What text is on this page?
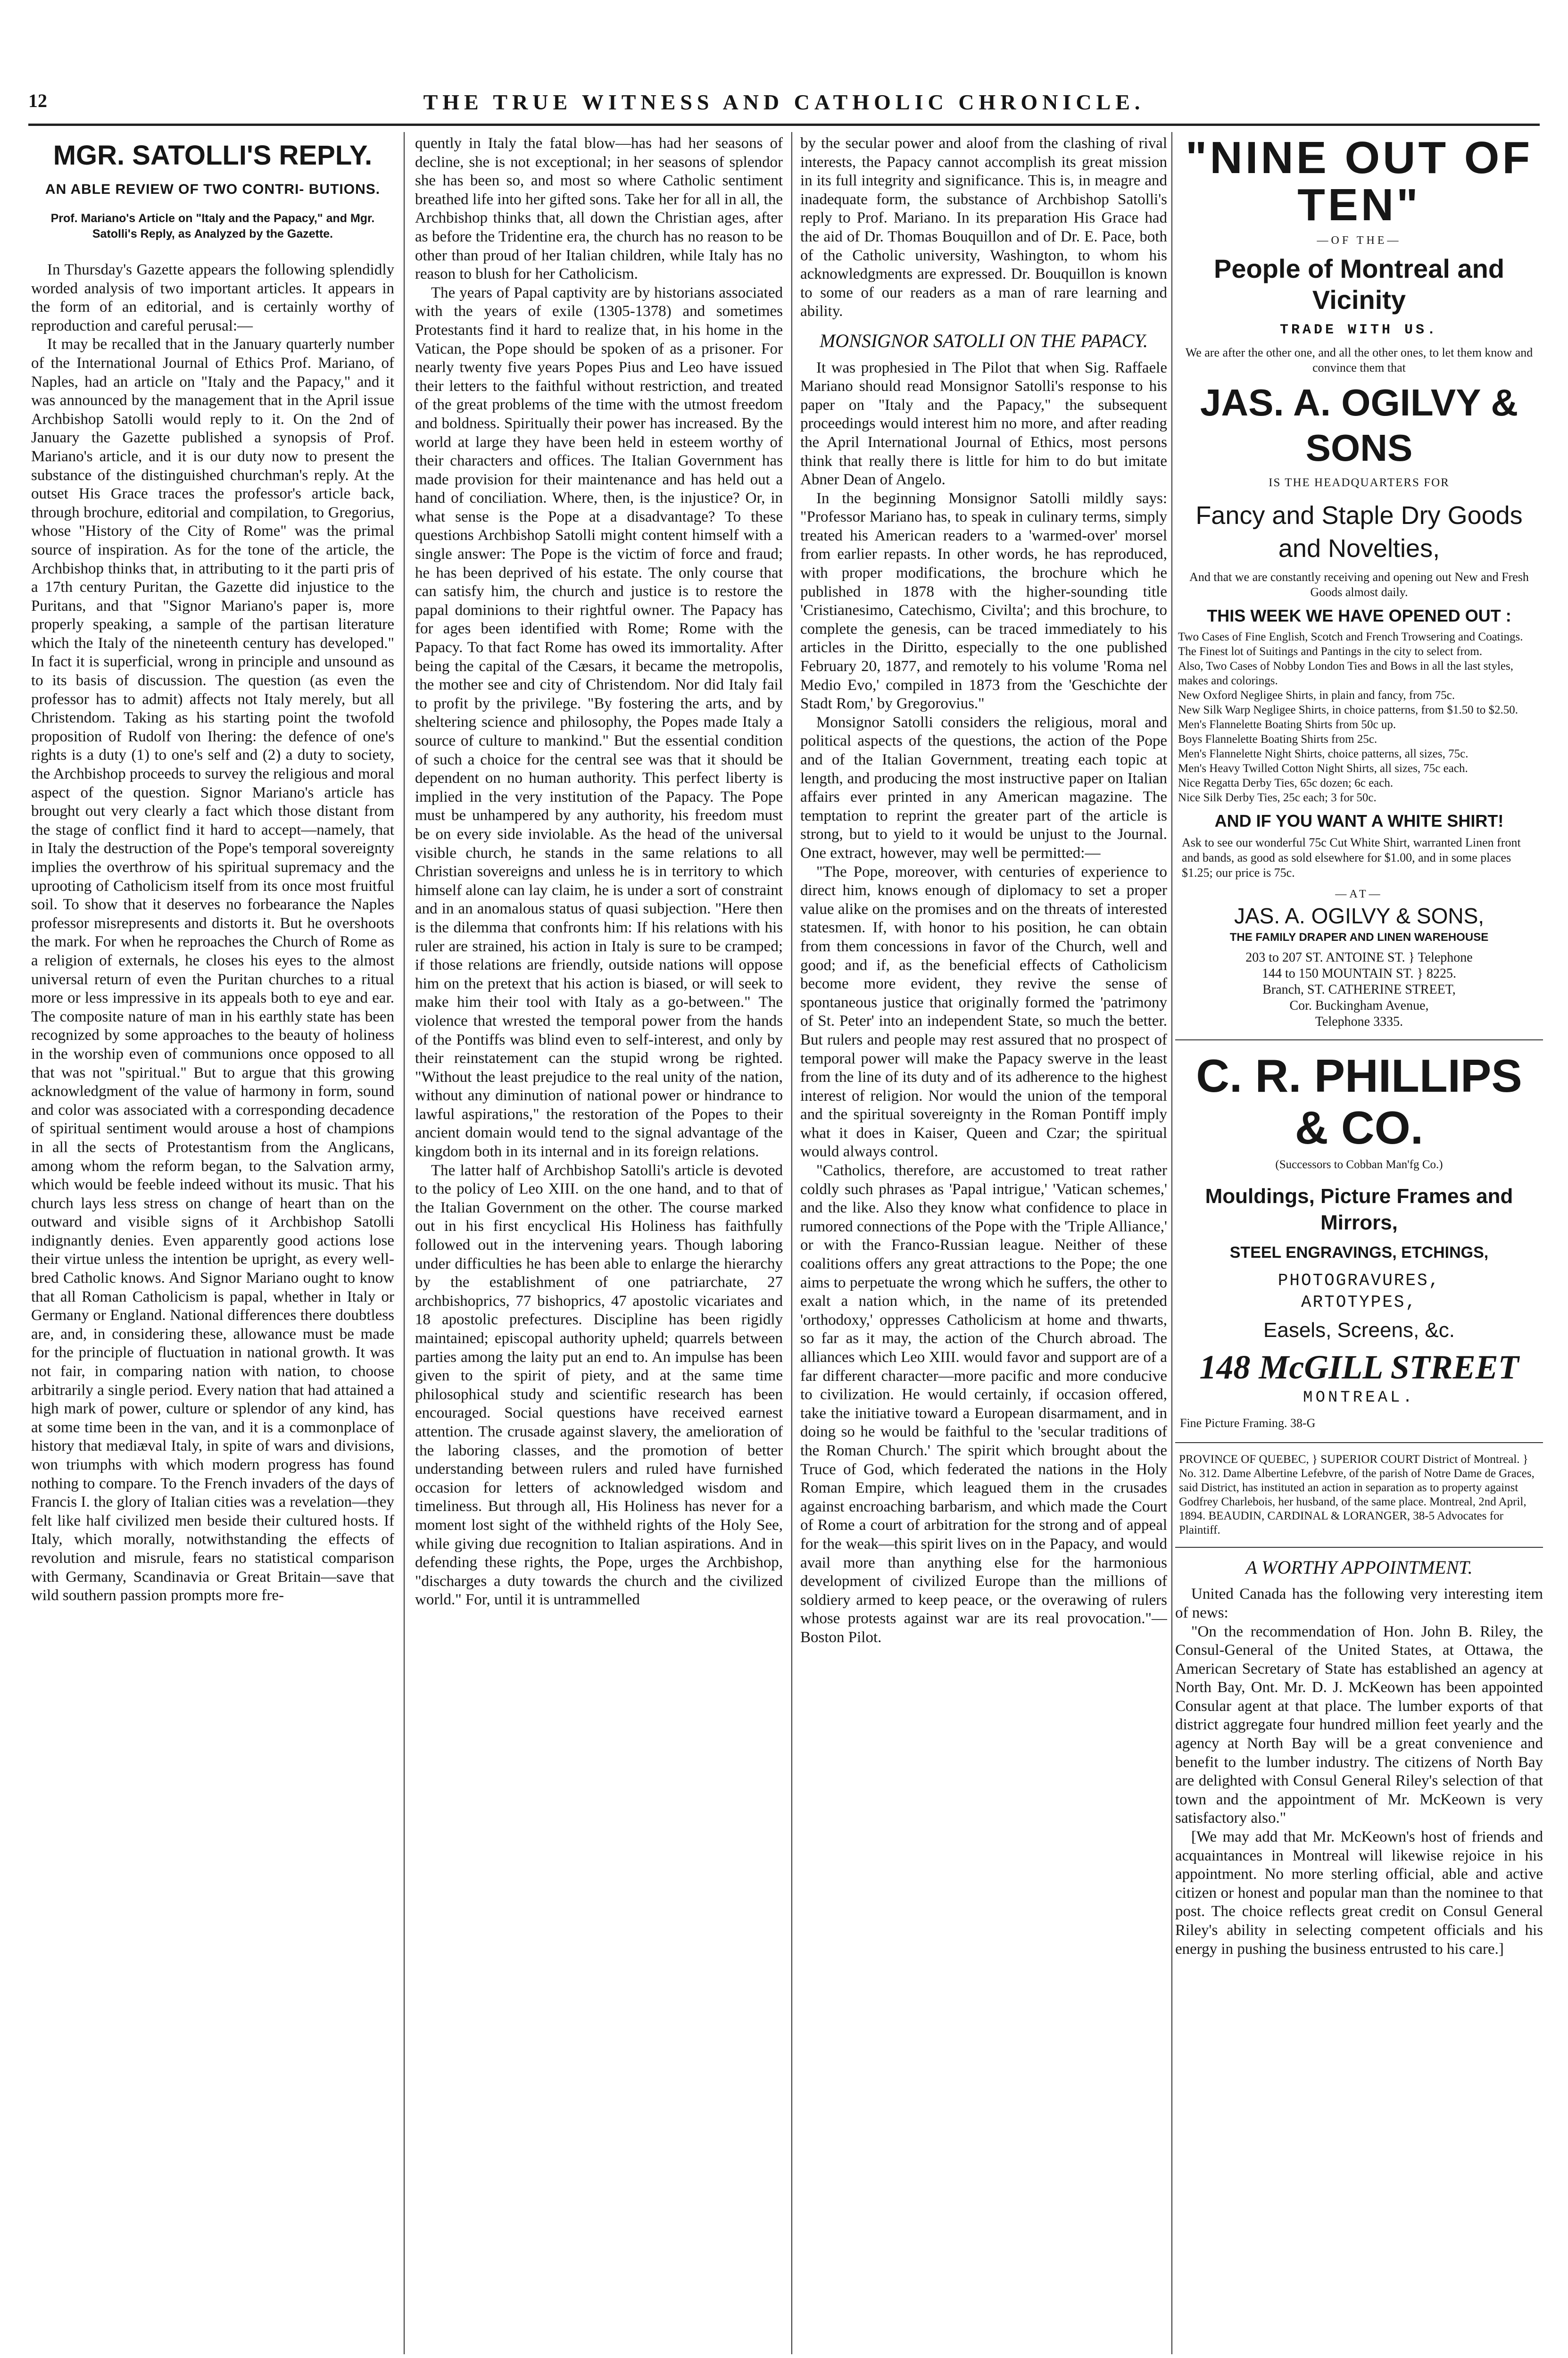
12	THE TRUE WITNESS AND CATHOLIC CHRONICLE.
MGR. SATOLLI'S REPLY.
AN ABLE REVIEW OF TWO CONTRI- BUTIONS.
Prof. Mariano's Article on "Italy and the Papacy," and Mgr. Satolli's Reply, as Analyzed by the Gazette.

In Thursday's Gazette appears the following splendidly worded analysis of two important articles. It appears in the form of an editorial, and is certainly worthy of reproduction and careful perusal:—

It may be recalled that in the January quarterly number of the International Journal of Ethics Prof. Mariano, of Naples, had an article on "Italy and the Papacy," and it was announced by the management that in the April issue Archbishop Satolli would reply to it. On the 2nd of January the Gazette published a synopsis of Prof. Mariano's article, and it is our duty now to present the substance of the distinguished churchman's reply. At the outset His Grace traces the professor's article back, through brochure, editorial and compilation, to Gregorius, whose "History of the City of Rome" was the primal source of inspiration. As for the tone of the article, the Archbishop thinks that, in attributing to it the parti pris of a 17th century Puritan, the Gazette did injustice to the Puritans, and that "Signor Mariano's paper is, more properly speaking, a sample of the partisan literature which the Italy of the nineteenth century has developed." In fact it is superficial, wrong in principle and unsound as to its basis of discussion. The question (as even the professor has to admit) affects not Italy merely, but all Christendom. Taking as his starting point the twofold proposition of Rudolf von Ihering: the defence of one's rights is a duty (1) to one's self and (2) a duty to society, the Archbishop proceeds to survey the religious and moral aspect of the question. Signor Mariano's article has brought out very clearly a fact which those distant from the stage of conflict find it hard to accept—namely, that in Italy the destruction of the Pope's temporal sovereignty implies the overthrow of his spiritual supremacy and the uprooting of Catholicism itself from its once most fruitful soil. To show that it deserves no forbearance the Naples professor misrepresents and distorts it. But he overshoots the mark. For when he reproaches the Church of Rome as a religion of externals, he closes his eyes to the almost universal return of even the Puritan churches to a ritual more or less impressive in its appeals both to eye and ear. The composite nature of man in his earthly state has been recognized by some approaches to the beauty of holiness in the worship even of communions once opposed to all that was not "spiritual." But to argue that this growing acknowledgment of the value of harmony in form, sound and color was associated with a corresponding decadence of spiritual sentiment would arouse a host of champions in all the sects of Protestantism from the Anglicans, among whom the reform began, to the Salvation army, which would be feeble indeed without its music. That his church lays less stress on change of heart than on the outward and visible signs of it Archbishop Satolli indignantly denies. Even apparently good actions lose their virtue unless the intention be upright, as every well-bred Catholic knows. And Signor Mariano ought to know that all Roman Catholicism is papal, whether in Italy or Germany or England. National differences there doubtless are, and, in considering these, allowance must be made for the principle of fluctuation in national growth. It was not fair, in comparing nation with nation, to choose arbitrarily a single period. Every nation that had attained a high mark of power, culture or splendor of any kind, has at some time been in the van, and it is a commonplace of history that mediæval Italy, in spite of wars and divisions, won triumphs with which modern progress has found nothing to compare. To the French invaders of the days of Francis I. the glory of Italian cities was a revelation—they felt like half civilized men beside their cultured hosts. If Italy, which morally, notwithstanding the effects of revolution and misrule, fears no statistical comparison with Germany, Scandinavia or Great Britain—save that wild southern passion prompts more fre-

quently in Italy the fatal blow—has had her seasons of decline, she is not exceptional; in her seasons of splendor she has been so, and most so where Catholic sentiment breathed life into her gifted sons. Take her for all in all, the Archbishop thinks that, all down the Christian ages, after as before the Tridentine era, the church has no reason to be other than proud of her Italian children, while Italy has no reason to blush for her Catholicism.

The years of Papal captivity are by historians associated with the years of exile (1305-1378) and sometimes Protestants find it hard to realize that, in his home in the Vatican, the Pope should be spoken of as a prisoner. For nearly twenty five years Popes Pius and Leo have issued their letters to the faithful without restriction, and treated of the great problems of the time with the utmost freedom and boldness. Spiritually their power has increased. By the world at large they have been held in esteem worthy of their characters and offices. The Italian Government has made provision for their maintenance and has held out a hand of conciliation. Where, then, is the injustice? Or, in what sense is the Pope at a disadvantage? To these questions Archbishop Satolli might content himself with a single answer: The Pope is the victim of force and fraud; he has been deprived of his estate. The only course that can satisfy him, the church and justice is to restore the papal dominions to their rightful owner. The Papacy has for ages been identified with Rome; Rome with the Papacy. To that fact Rome has owed its immortality. After being the capital of the Cæsars, it became the metropolis, the mother see and city of Christendom. Nor did Italy fail to profit by the privilege. "By fostering the arts, and by sheltering science and philosophy, the Popes made Italy a source of culture to mankind." But the essential condition of such a choice for the central see was that it should be dependent on no human authority. This perfect liberty is implied in the very institution of the Papacy. The Pope must be unhampered by any authority, his freedom must be on every side inviolable. As the head of the universal visible church, he stands in the same relations to all Christian sovereigns and unless he is in territory to which himself alone can lay claim, he is under a sort of constraint and in an anomalous status of quasi subjection. "Here then is the dilemma that confronts him: If his relations with his ruler are strained, his action in Italy is sure to be cramped; if those relations are friendly, outside nations will oppose him on the pretext that his action is biased, or will seek to make him their tool with Italy as a go-between." The violence that wrested the temporal power from the hands of the Pontiffs was blind even to self-interest, and only by their reinstatement can the stupid wrong be righted. "Without the least prejudice to the real unity of the nation, without any diminution of national power or hindrance to lawful aspirations," the restoration of the Popes to their ancient domain would tend to the signal advantage of the kingdom both in its internal and in its foreign relations.

The latter half of Archbishop Satolli's article is devoted to the policy of Leo XIII. on the one hand, and to that of the Italian Government on the other. The course marked out in his first encyclical His Holiness has faithfully followed out in the intervening years. Though laboring under difficulties he has been able to enlarge the hierarchy by the establishment of one patriarchate, 27 archbishoprics, 77 bishoprics, 47 apostolic vicariates and 18 apostolic prefectures. Discipline has been rigidly maintained; episcopal authority upheld; quarrels between parties among the laity put an end to. An impulse has been given to the spirit of piety, and at the same time philosophical study and scientific research has been encouraged. Social questions have received earnest attention. The crusade against slavery, the amelioration of the laboring classes, and the promotion of better understanding between rulers and ruled have furnished occasion for letters of acknowledged wisdom and timeliness. But through all, His Holiness has never for a moment lost sight of the withheld rights of the Holy See, while giving due recognition to Italian aspirations. And in defending these rights, the Pope, urges the Archbishop, "discharges a duty towards the church and the civilized world." For, until it is untrammelled

by the secular power and aloof from the clashing of rival interests, the Papacy cannot accomplish its great mission in its full integrity and significance. This is, in meagre and inadequate form, the substance of Archbishop Satolli's reply to Prof. Mariano. In its preparation His Grace had the aid of Dr. Thomas Bouquillon and of Dr. E. Pace, both of the Catholic university, Washington, to whom his acknowledgments are expressed. Dr. Bouquillon is known to some of our readers as a man of rare learning and ability.

MONSIGNOR SATOLLI ON THE PAPACY.

It was prophesied in The Pilot that when Sig. Raffaele Mariano should read Monsignor Satolli's response to his paper on "Italy and the Papacy," the subsequent proceedings would interest him no more, and after reading the April International Journal of Ethics, most persons think that really there is little for him to do but imitate Abner Dean of Angelo.

In the beginning Monsignor Satolli mildly says: "Professor Mariano has, to speak in culinary terms, simply treated his American readers to a 'warmed-over' morsel from earlier repasts. In other words, he has reproduced, with proper modifications, the brochure which he published in 1878 with the higher-sounding title 'Cristianesimo, Catechismo, Civilta'; and this brochure, to complete the genesis, can be traced immediately to his articles in the Diritto, especially to the one published February 20, 1877, and remotely to his volume 'Roma nel Medio Evo,' compiled in 1873 from the 'Geschichte der Stadt Rom,' by Gregorovius."

Monsignor Satolli considers the religious, moral and political aspects of the questions, the action of the Pope and of the Italian Government, treating each topic at length, and producing the most instructive paper on Italian affairs ever printed in any American magazine. The temptation to reprint the greater part of the article is strong, but to yield to it would be unjust to the Journal. One extract, however, may well be permitted:—

"The Pope, moreover, with centuries of experience to direct him, knows enough of diplomacy to set a proper value alike on the promises and on the threats of interested statesmen. If, with honor to his position, he can obtain from them concessions in favor of the Church, well and good; and if, as the beneficial effects of Catholicism become more evident, they revive the sense of spontaneous justice that originally formed the 'patrimony of St. Peter' into an independent State, so much the better. But rulers and people may rest assured that no prospect of temporal power will make the Papacy swerve in the least from the line of its duty and of its adherence to the highest interest of religion. Nor would the union of the temporal and the spiritual sovereignty in the Roman Pontiff imply what it does in Kaiser, Queen and Czar; the spiritual would always control.

"Catholics, therefore, are accustomed to treat rather coldly such phrases as 'Papal intrigue,' 'Vatican schemes,' and the like. Also they know what confidence to place in rumored connections of the Pope with the 'Triple Alliance,' or with the Franco-Russian league. Neither of these coalitions offers any great attractions to the Pope; the one aims to perpetuate the wrong which he suffers, the other to exalt a nation which, in the name of its pretended 'orthodoxy,' oppresses Catholicism at home and thwarts, so far as it may, the action of the Church abroad. The alliances which Leo XIII. would favor and support are of a far different character—more pacific and more conducive to civilization. He would certainly, if occasion offered, take the initiative toward a European disarmament, and in doing so he would be faithful to the 'secular traditions of the Roman Church.' The spirit which brought about the Truce of God, which federated the nations in the Holy Roman Empire, which leagued them in the crusades against encroaching barbarism, and which made the Court of Rome a court of arbitration for the strong and of appeal for the weak—this spirit lives on in the Papacy, and would avail more than anything else for the harmonious development of civilized Europe than the millions of soldiery armed to keep peace, or the overawing of rulers whose protests against war are its real provocation."—Boston Pilot.

"NINE OUT OF TEN"
—OF THE—
People of Montreal and Vicinity
TRADE WITH US.
We are after the other one, and all the other ones, to let them know and convince them that
JAS. A. OGILVY & SONS
IS THE HEADQUARTERS FOR
Fancy and Staple Dry Goods and Novelties,
And that we are constantly receiving and opening out New and Fresh Goods almost daily.
THIS WEEK WE HAVE OPENED OUT :
Two Cases of Fine English, Scotch and French Trowsering and Coatings.
The Finest lot of Suitings and Pantings in the city to select from.
Also, Two Cases of Nobby London Ties and Bows in all the last styles, makes and colorings.
New Oxford Negligee Shirts, in plain and fancy, from 75c.
New Silk Warp Negligee Shirts, in choice patterns, from $1.50 to $2.50.
Men's Flannelette Boating Shirts from 50c up.
Boys Flannelette Boating Shirts from 25c.
Men's Flannelette Night Shirts, choice patterns, all sizes, 75c.
Men's Heavy Twilled Cotton Night Shirts, all sizes, 75c each.
Nice Regatta Derby Ties, 65c dozen; 6c each.
Nice Silk Derby Ties, 25c each; 3 for 50c.
AND IF YOU WANT A WHITE SHIRT!
Ask to see our wonderful 75c Cut White Shirt, warranted Linen front and bands, as good as sold elsewhere for $1.00, and in some places $1.25; our price is 75c.
—AT—
JAS. A. OGILVY & SONS,
THE FAMILY DRAPER AND LINEN WAREHOUSE
203 to 207 ST. ANTOINE ST. } Telephone
144 to 150 MOUNTAIN ST. } 8225.
Branch, ST. CATHERINE STREET,
Cor. Buckingham Avenue,
Telephone 3335.
C. R. PHILLIPS & CO.
(Successors to Cobban Man'fg Co.)
Mouldings, Picture Frames and Mirrors,
STEEL ENGRAVINGS, ETCHINGS,
PHOTOGRAVURES,
ARTOTYPES,
Easels, Screens, &c.
148 McGILL STREET
MONTREAL.
Fine Picture Framing. 38-G
PROVINCE OF QUEBEC, } SUPERIOR COURT District of Montreal. } No. 312. Dame Albertine Lefebvre, of the parish of Notre Dame de Graces, said District, has instituted an action in separation as to property against Godfrey Charlebois, her husband, of the same place. Montreal, 2nd April, 1894. BEAUDIN, CARDINAL & LORANGER, 38-5 Advocates for Plaintiff.
A WORTHY APPOINTMENT.

United Canada has the following very interesting item of news:

"On the recommendation of Hon. John B. Riley, the Consul-General of the United States, at Ottawa, the American Secretary of State has established an agency at North Bay, Ont. Mr. D. J. McKeown has been appointed Consular agent at that place. The lumber exports of that district aggregate four hundred million feet yearly and the agency at North Bay will be a great convenience and benefit to the lumber industry. The citizens of North Bay are delighted with Consul General Riley's selection of that town and the appointment of Mr. McKeown is very satisfactory also."

[We may add that Mr. McKeown's host of friends and acquaintances in Montreal will likewise rejoice in his appointment. No more sterling official, able and active citizen or honest and popular man than the nominee to that post. The choice reflects great credit on Consul General Riley's ability in selecting competent officials and his energy in pushing the business entrusted to his care.]
